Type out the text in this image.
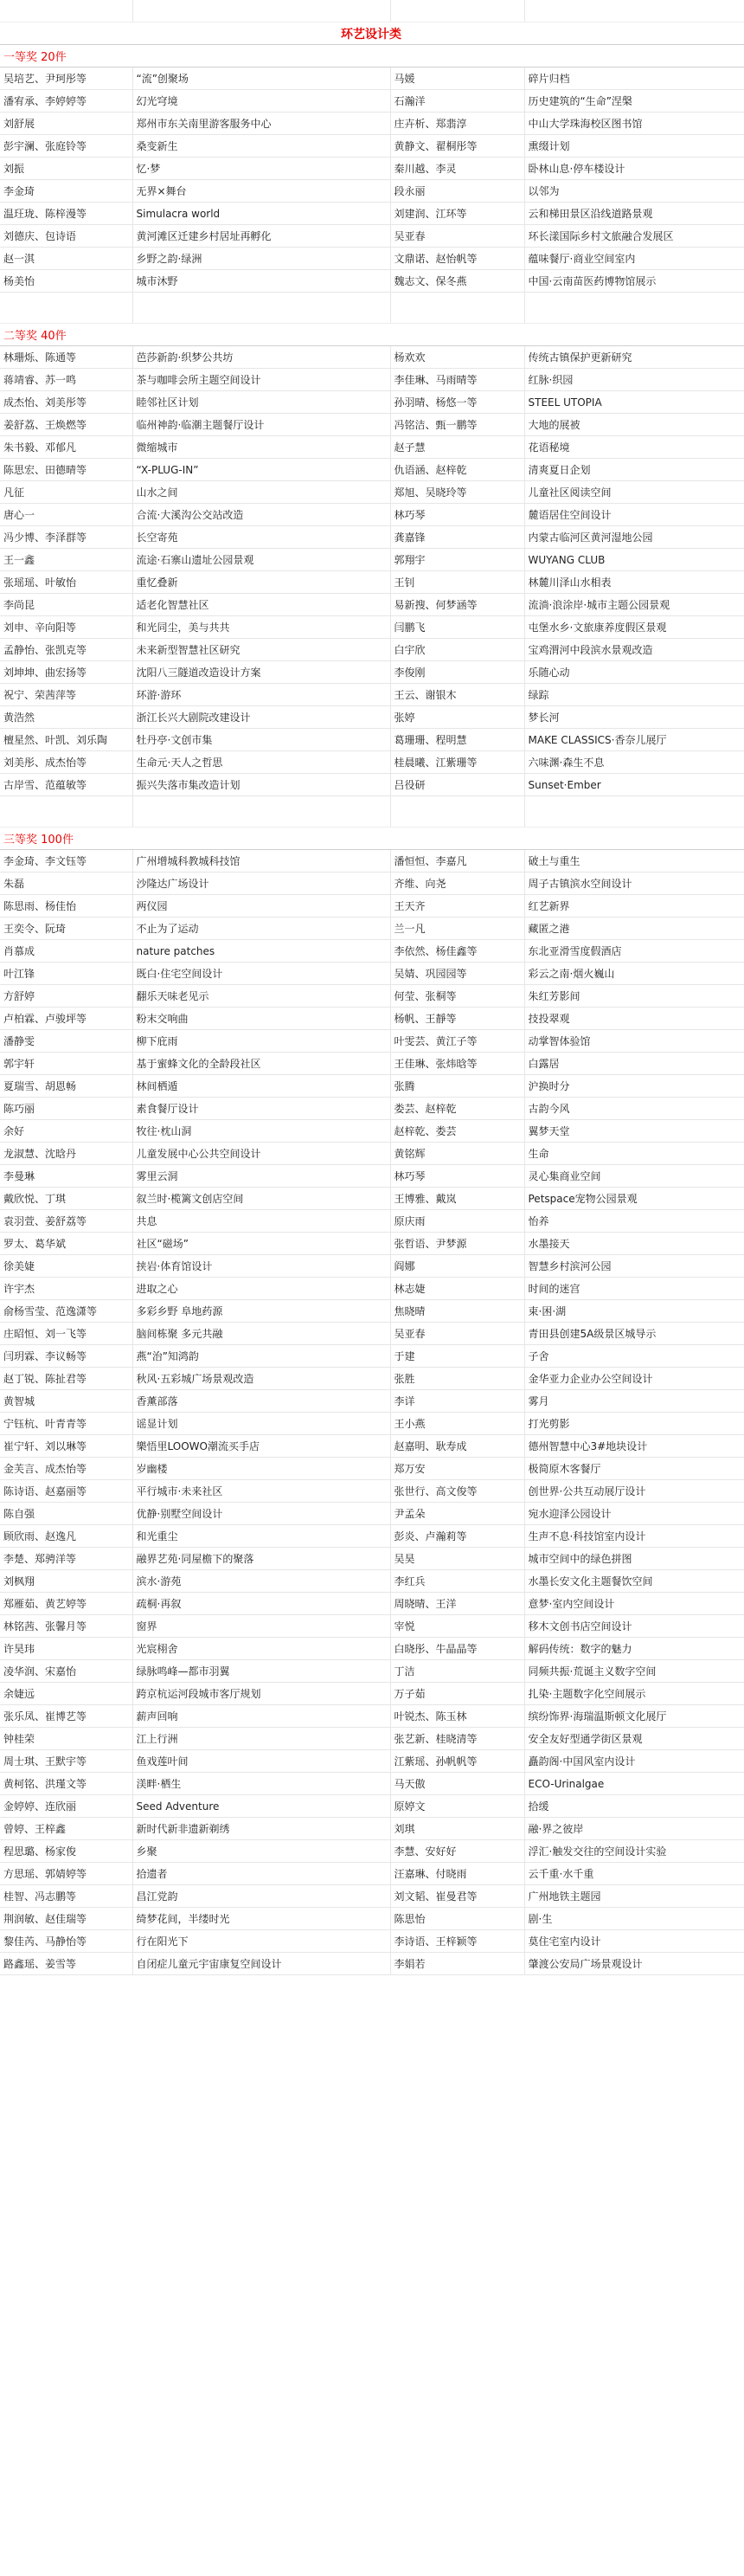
环艺设计类			
一等奖 20件			
吴培艺、尹珂彤等	“流”创聚场	马媛	碎片归档
潘宥承、李婷婷等	幻光穹境	石瀚洋	历史建筑的“生命”涅槃
刘舒展	郑州市东关南里游客服务中心	庄卉析、郑翡淳	中山大学珠海校区图书馆
彭宇澜、张庭铃等	桑变新生	黄静文、翟桐彤等	熏缀计划
刘振	忆·梦	秦川越、李灵	卧林山息·停车楼设计
李金琦	无界×舞台	段永丽	以邻为
温玨珑、陈梓漫等	Simulacra world	刘建润、江环等	云和梯田景区沿线道路景观
刘德庆、包诗语	黄河滩区迁建乡村居址再孵化	吴亚春	环长漾国际乡村文旅融合发展区
赵一淇	乡野之韵·绿洲	文鼎诺、赵怡帆等	蕴味餐厅·商业空间室内
杨美怡	城市沐野	魏志文、保冬燕	中国·云南苗医药博物馆展示

二等奖 40件			
林珊烁、陈通等	芭莎新韵·织梦公共坊	杨欢欢	传统古镇保护更新研究
蒋靖睿、苏一鸣	茶与咖啡会所主题空间设计	李佳琳、马雨晴等	红脉·织园
成杰怡、刘美彤等	睦邻社区计划	孙羽晴、杨悠一等	STEEL UTOPIA
姜舒荔、王焕燃等	临州神韵·临潮主题餐厅设计	冯铭洁、甄一鹏等	大地的展被
朱书毅、邓郁凡	微缩城市	赵子慧	花语秘境
陈思宏、田德晴等	“X-PLUG-IN”	仇语涵、赵梓乾	清爽夏日企划
凡征	山水之间	郑旭、吴晓玲等	儿童社区阅读空间
唐心一	合流·大溪沟公交站改造	林巧琴	麓语居住空间设计
冯少博、李泽群等	长空寄苑	龚嘉锋	内蒙古临河区黄河湿地公园
王一鑫	流途·石寨山遗址公园景观	郭翔宇	WUYANG CLUB
张瑶瑶、叶敏怡	重忆叠新	王钊	林麓川泽山水相表
李尚昆	适老化智慧社区	易新搜、何梦涵等	流淌·浪涂岸·城市主题公园景观
刘申、辛向阳等	和光同尘，美与共共	闫鹏飞	屯堡水乡·文旅康养度假区景观
孟静怡、张凯克等	未来新型智慧社区研究	白宇欣	宝鸡渭河中段滨水景观改造
刘坤坤、曲宏扬等	沈阳八三隧道改造设计方案	李俊刚	乐随心动
祝宁、荣茜萍等	环游·游环	王云、谢银木	绿踪
黄浩然	浙江长兴大剧院改建设计	张婷	梦长河
檀星然、叶凯、刘乐陶	牡丹亭·文创市集	葛珊珊、程明慧	MAKE CLASSICS·香奈儿展厅
刘美彤、成杰怡等	生命元·天人之哲思	桂晨曦、江紫珊等	六味渊·森生不息
古岸雪、范蕴敏等	振兴失落市集改造计划	吕役研	Sunset·Ember

三等奖 100件			
李金琦、李文钰等	广州增城科教城科技馆	潘恒恒、李嘉凡	破土与重生
朱磊	沙隆达广场设计	齐维、向尧	周子古镇滨水空间设计
陈思雨、杨佳怡	两仪园	王天齐	红艺新界
王奕令、阮琦	不止为了运动	兰一凡	藏匿之港
肖慕成	nature patches	李依然、杨佳鑫等	东北亚滑雪度假酒店
叶江锋	既白·住宅空间设计	吴婧、巩园园等	彩云之南·烟火巍山
方舒婷	翻乐天味老见示	何莹、张桐等	朱红芳影间
卢柏霖、卢骏坪等	粉末交响曲	杨帆、王靜等	技投翠观
潘静雯	柳下庇雨	叶雯芸、黄江子等	动掌智体验馆
郭宇轩	基于蜜蜂文化的全龄段社区	王佳琳、张炜晗等	白露居
夏瑞雪、胡恩畅	林间栖遁	张腾	沪换时分
陈巧丽	素食餐厅设计	娄芸、赵梓乾	古韵今风
余好	牧往·枕山洞	赵梓乾、娄芸	翼梦天堂
龙淑慧、沈晗丹	儿童发展中心公共空间设计	黄铭辉	生命
李曼琳	雾里云洞	林巧琴	灵心集商业空间
戴欣悦、丁琪	叙兰时·榄篱文创店空间	王博雅、戴岚	Petspace宠物公园景观
袁羽萱、姜舒荔等	共息	原庆雨	怡养
罗太、葛华斌	社区“磁场”	张哲语、尹梦源	水墨接天
徐美婕	挟岩·体育馆设计	阎娜	智慧乡村滨河公园
许宇杰	进取之心	林志婕	时间的迷宫
俞杨雪莹、范逸潇等	多彩乡野 阜地药源	焦晓晴	束·困·湖
庄昭恒、刘一飞等	脑间栋聚 多元共融	吴亚春	青田县创建5A级景区城导示
闫玥霖、李议畅等	燕“治”知鸿韵	于建	子舍
赵丁锐、陈扯君等	秋风·五彩城广场景观改造	张胜	金华亚力企业办公空间设计
黄智城	香薰部落	李详	雾月
宁钰杭、叶青青等	谣显计划	王小燕	打光剪影
崔宁轩、刘以琳等	樂悟里LOOWO潮流买手店	赵嘉明、耿寿成	德州智慧中心3#地块设计
金芙言、成杰怡等	岁幽楼	郑万安	极简原木客餐厅
陈诗语、赵嘉丽等	平行城市·未来社区	张世行、高文俊等	创世界·公共互动展厅设计
陈自强	优静·别墅空间设计	尹孟朵	宛水迎泽公园设计
顾欣雨、赵逸凡	和光重尘	彭炎、卢瀚莉等	生声不息·科技馆室内设计
李楚、郑骋洋等	融界艺苑·同屋檐下的聚落	吴昊	城市空间中的绿色拼图
刘枫翔	滨水·游苑	李红兵	水墨长安文化主题餐饮空间
郑雁茹、黄艺婷等	疏桐·再叙	周晓晴、王洋	意梦·室内空间设计
林铭茜、张馨月等	窗界	宰悦	移木文创书店空间设计
许昊玮	光宸栩舍	白晓彤、牛晶晶等	解码传统：数字的魅力
凌华润、宋嘉怡	绿脉鸣峰—都市羽翼	丁洁	同频共振·荒诞主义数字空间
余婕远	跨京杭运河段城市客厅规划	万子茹	扎染·主题数字化空间展示
张乐凤、崔博艺等	薪声回响	叶锐杰、陈玉林	缤纷饰界·海瑞温斯顿文化展厅
钟桂荣	江上行洲	张艺新、桂晓清等	安全友好型通学街区景观
周士琪、王默宇等	鱼戏莲叶间	江紫瑶、孙帆帆等	矗韵阁·中国风室内设计
黄柯铭、洪瑾文等	渼畔·栖生	马天傲	ECO-Urinalgae
金婷婷、连欣丽	Seed Adventure	原婷文	拾缓
曾婷、王梓鑫	新时代新非遗新剃绣	刘琪	融·界之彼岸
程思璐、杨家俊	乡聚	李慧、安好好	浮汇·触发交往的空间设计实验
方思瑶、郭婧婷等	拾遗者	汪嘉琳、付晓雨	云千重·水千重
桂智、冯志鹏等	昌江党韵	刘文韬、崔曼君等	广州地铁主题园
荆润敏、赵佳瑞等	绮梦花间，半缕时光	陈思怡	剧·生
黎佳芮、马静怡等	行在阳光下	李诗语、王梓颖等	莫住宅室内设计
路鑫瑶、姜雪等	自闭症儿童元宇宙康复空间设计	李娟若	肇渡公安局广场景观设计
